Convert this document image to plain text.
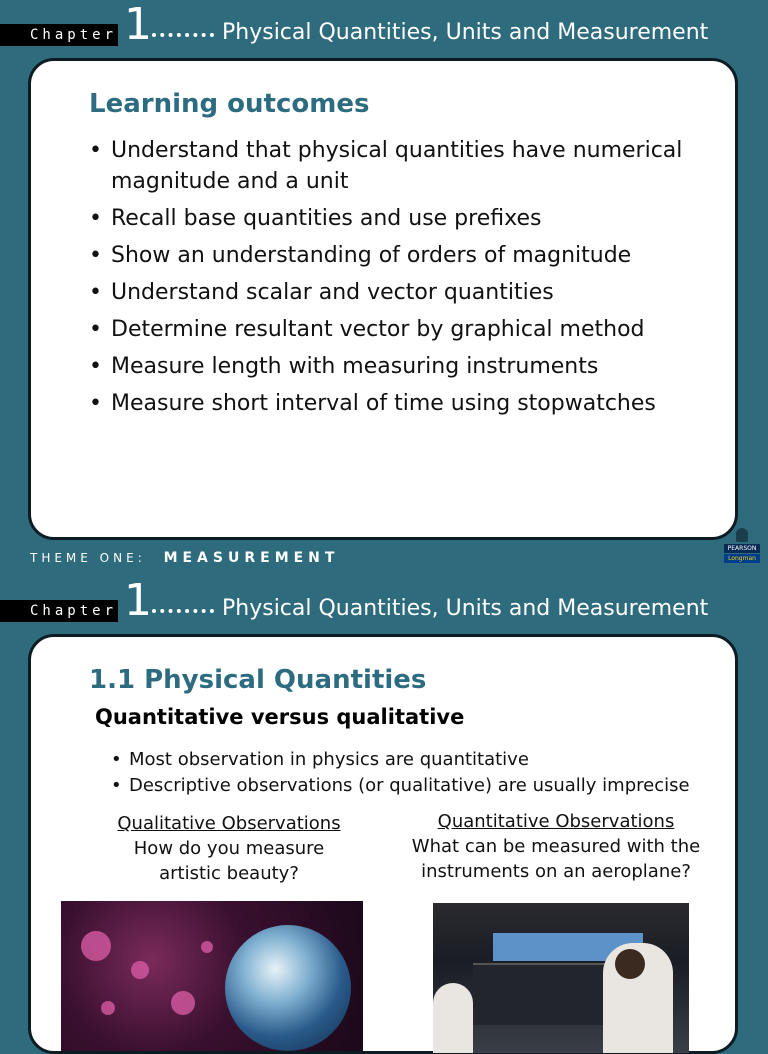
Chapter 1	Physical Quantities, Units and Measurement
Learning outcomes
• Understand that physical quantities have numerical magnitude and a unit
• Recall base quantities and use prefixes
• Show an understanding of orders of magnitude
• Understand scalar and vector quantities
• Determine resultant vector by graphical method
• Measure length with measuring instruments
• Measure short interval of time using stopwatches
THEME ONE: MEASUREMENT
PEARSON
Longman
Chapter 1	Physical Quantities, Units and Measurement
1.1 Physical Quantities
Quantitative versus qualitative
• Most observation in physics are quantitative
• Descriptive observations (or qualitative) are usually imprecise
Qualitative Observations
How do you measure
artistic beauty?
Quantitative Observations
What can be measured with the
instruments on an aeroplane?
